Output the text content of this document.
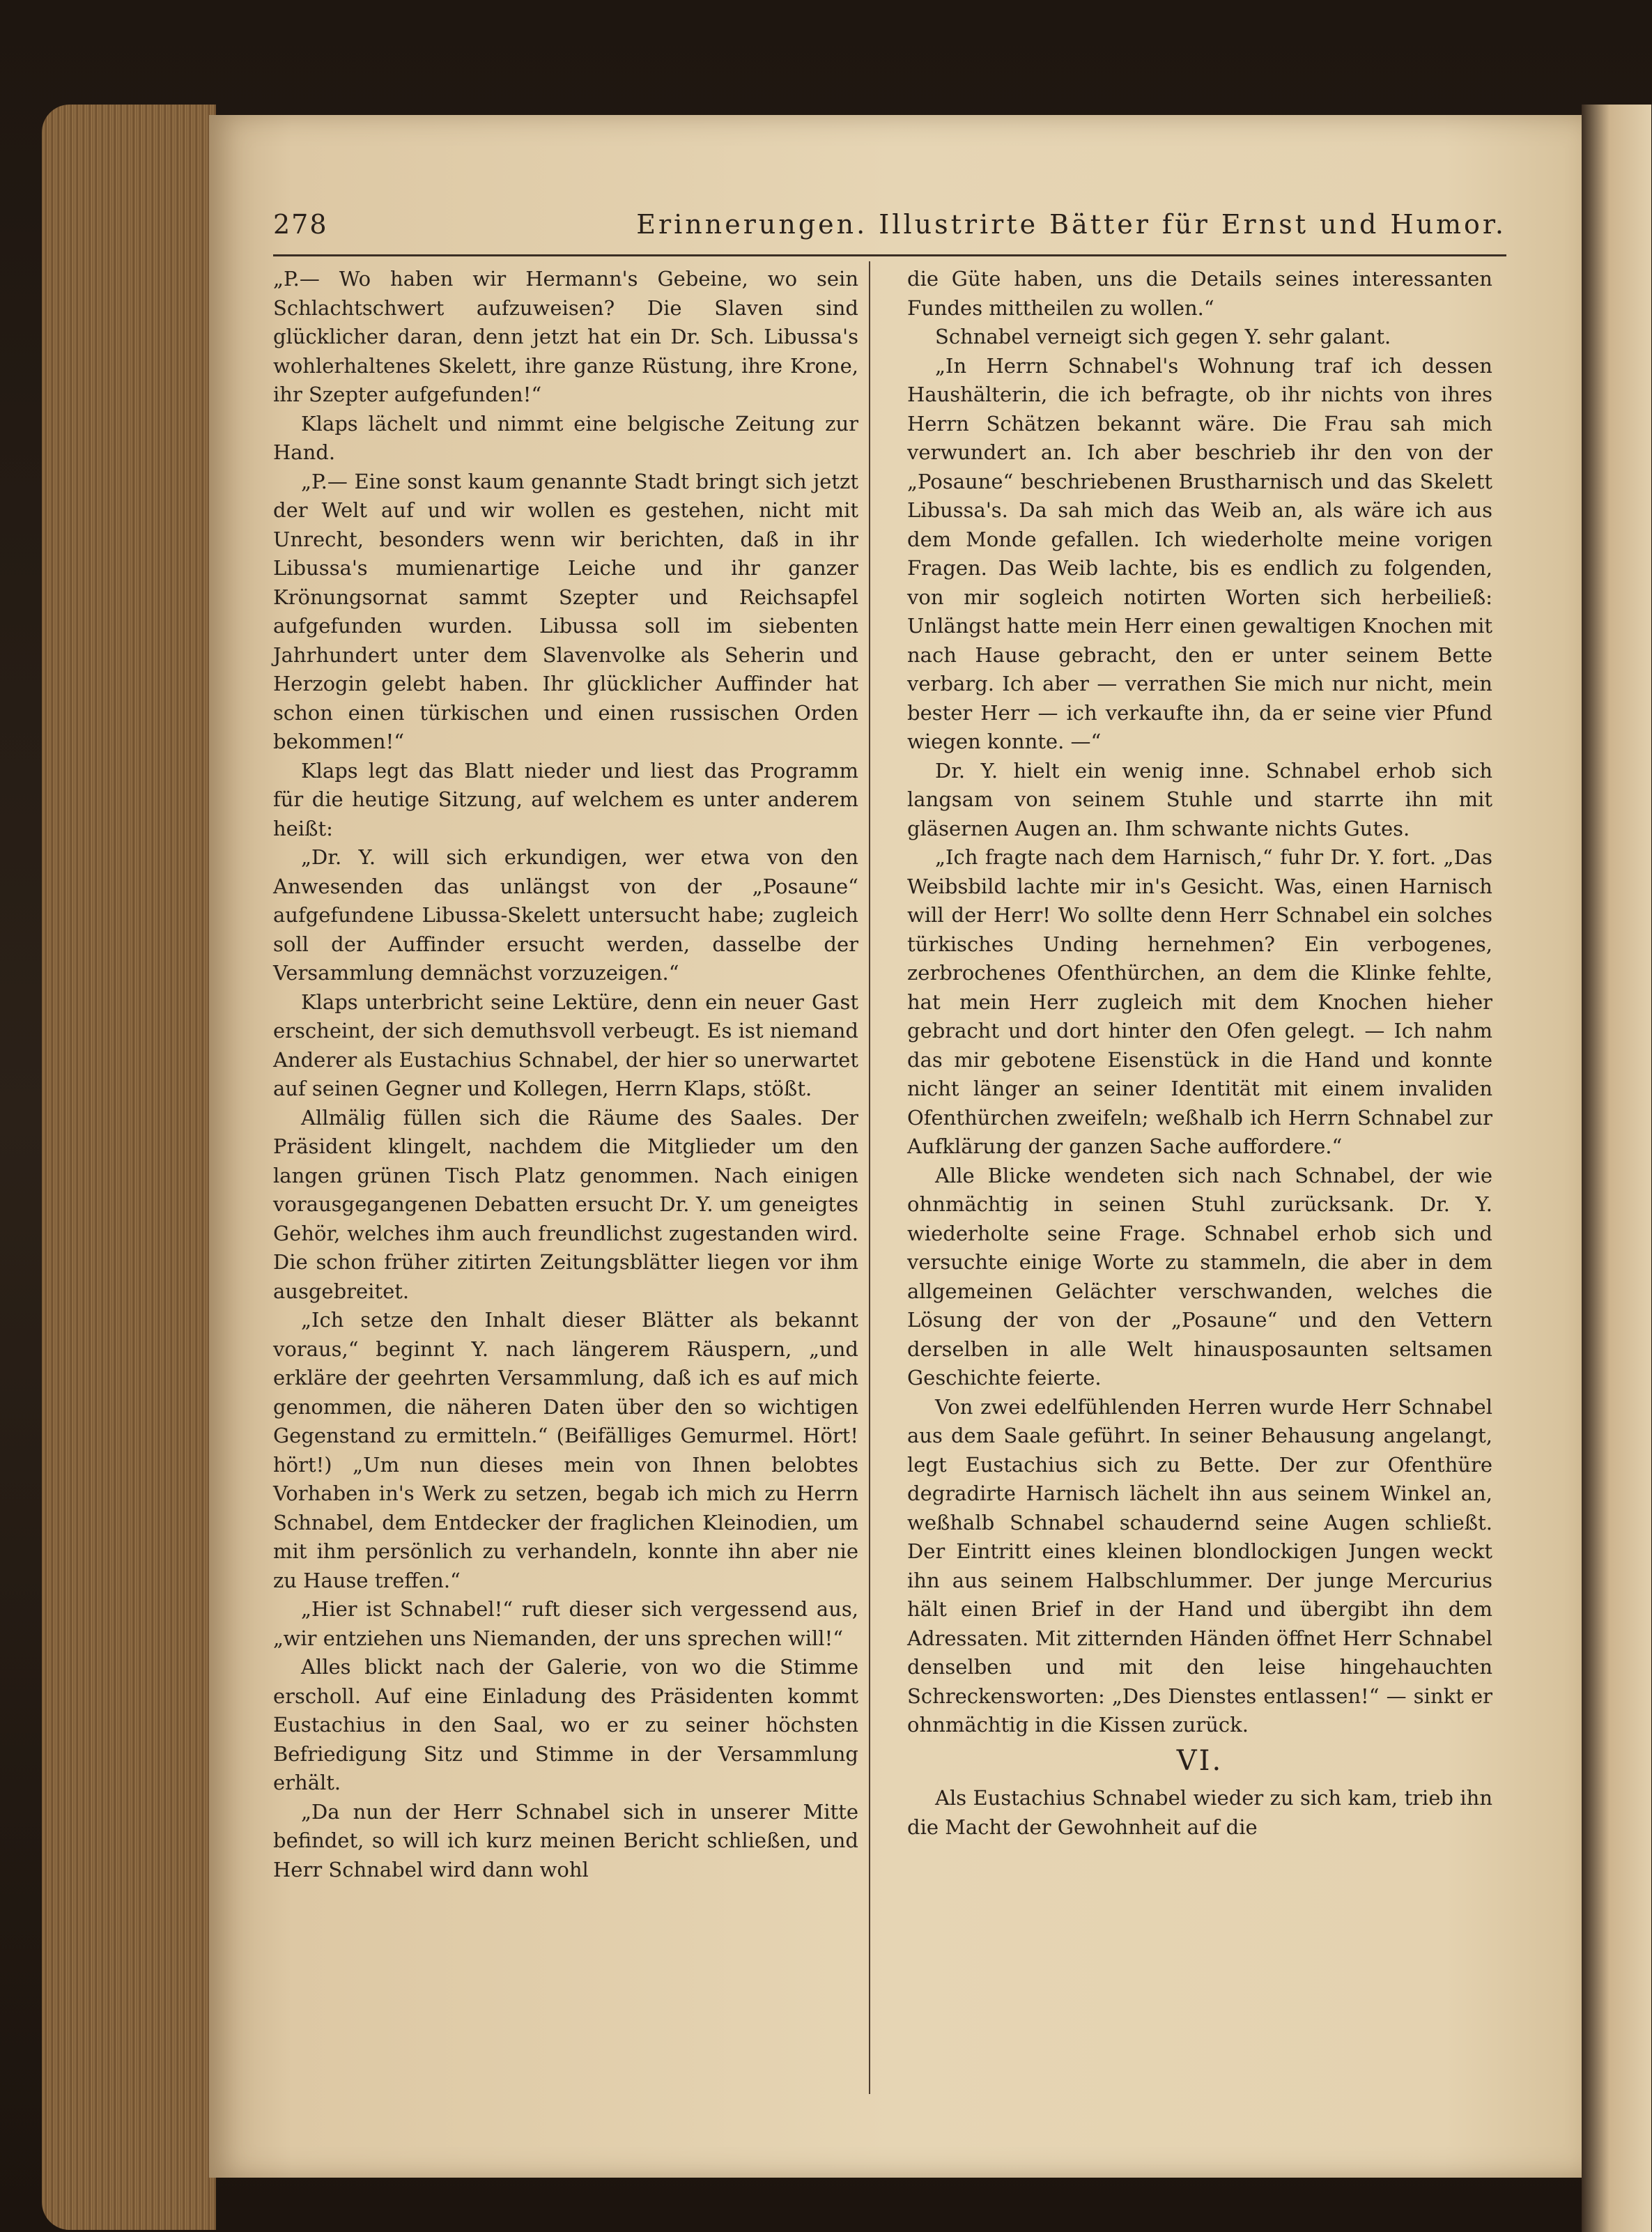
278	Erinnerungen. Illustrirte Bätter für Ernst und Humor.

„P.— Wo haben wir Hermann's Gebeine, wo sein Schlachtschwert aufzuweisen? Die Slaven sind glücklicher daran, denn jetzt hat ein Dr. Sch. Libussa's wohlerhaltenes Skelett, ihre ganze Rüstung, ihre Krone, ihr Szepter aufgefunden!“

Klaps lächelt und nimmt eine belgische Zeitung zur Hand.

„P.— Eine sonst kaum genannte Stadt bringt sich jetzt der Welt auf und wir wollen es gestehen, nicht mit Unrecht, besonders wenn wir berichten, daß in ihr Libussa's mumienartige Leiche und ihr ganzer Krönungsornat sammt Szepter und Reichsapfel aufgefunden wurden. Libussa soll im siebenten Jahrhundert unter dem Slavenvolke als Seherin und Herzogin gelebt haben. Ihr glücklicher Auffinder hat schon einen türkischen und einen russischen Orden bekommen!“

Klaps legt das Blatt nieder und liest das Programm für die heutige Sitzung, auf welchem es unter anderem heißt:

„Dr. Y. will sich erkundigen, wer etwa von den Anwesenden das unlängst von der „Posaune“ aufgefundene Libussa-Skelett untersucht habe; zugleich soll der Auffinder ersucht werden, dasselbe der Versammlung demnächst vorzuzeigen.“

Klaps unterbricht seine Lektüre, denn ein neuer Gast erscheint, der sich demuthsvoll verbeugt. Es ist niemand Anderer als Eustachius Schnabel, der hier so unerwartet auf seinen Gegner und Kollegen, Herrn Klaps, stößt.

Allmälig füllen sich die Räume des Saales. Der Präsident klingelt, nachdem die Mitglieder um den langen grünen Tisch Platz genommen. Nach einigen vorausgegangenen Debatten ersucht Dr. Y. um geneigtes Gehör, welches ihm auch freundlichst zugestanden wird. Die schon früher zitirten Zeitungsblätter liegen vor ihm ausgebreitet.

„Ich setze den Inhalt dieser Blätter als bekannt voraus,“ beginnt Y. nach längerem Räuspern, „und erkläre der geehrten Versammlung, daß ich es auf mich genommen, die näheren Daten über den so wichtigen Gegenstand zu ermitteln.“ (Beifälliges Gemurmel. Hört! hört!) „Um nun dieses mein von Ihnen belobtes Vorhaben in's Werk zu setzen, begab ich mich zu Herrn Schnabel, dem Entdecker der fraglichen Kleinodien, um mit ihm persönlich zu verhandeln, konnte ihn aber nie zu Hause treffen.“

„Hier ist Schnabel!“ ruft dieser sich vergessend aus, „wir entziehen uns Niemanden, der uns sprechen will!“

Alles blickt nach der Galerie, von wo die Stimme erscholl. Auf eine Einladung des Präsidenten kommt Eustachius in den Saal, wo er zu seiner höchsten Befriedigung Sitz und Stimme in der Versammlung erhält.

„Da nun der Herr Schnabel sich in unserer Mitte befindet, so will ich kurz meinen Bericht schließen, und Herr Schnabel wird dann wohl

die Güte haben, uns die Details seines interessanten Fundes mittheilen zu wollen.“

Schnabel verneigt sich gegen Y. sehr galant.

„In Herrn Schnabel's Wohnung traf ich dessen Haushälterin, die ich befragte, ob ihr nichts von ihres Herrn Schätzen bekannt wäre. Die Frau sah mich verwundert an. Ich aber beschrieb ihr den von der „Posaune“ beschriebenen Brustharnisch und das Skelett Libussa's. Da sah mich das Weib an, als wäre ich aus dem Monde gefallen. Ich wiederholte meine vorigen Fragen. Das Weib lachte, bis es endlich zu folgenden, von mir sogleich notirten Worten sich herbeiließ: Unlängst hatte mein Herr einen gewaltigen Knochen mit nach Hause gebracht, den er unter seinem Bette verbarg. Ich aber — verrathen Sie mich nur nicht, mein bester Herr — ich verkaufte ihn, da er seine vier Pfund wiegen konnte. —“

Dr. Y. hielt ein wenig inne. Schnabel erhob sich langsam von seinem Stuhle und starrte ihn mit gläsernen Augen an. Ihm schwante nichts Gutes.

„Ich fragte nach dem Harnisch,“ fuhr Dr. Y. fort. „Das Weibsbild lachte mir in's Gesicht. Was, einen Harnisch will der Herr! Wo sollte denn Herr Schnabel ein solches türkisches Unding hernehmen? Ein verbogenes, zerbrochenes Ofenthürchen, an dem die Klinke fehlte, hat mein Herr zugleich mit dem Knochen hieher gebracht und dort hinter den Ofen gelegt. — Ich nahm das mir gebotene Eisenstück in die Hand und konnte nicht länger an seiner Identität mit einem invaliden Ofenthürchen zweifeln; weßhalb ich Herrn Schnabel zur Aufklärung der ganzen Sache auffordere.“

Alle Blicke wendeten sich nach Schnabel, der wie ohnmächtig in seinen Stuhl zurücksank. Dr. Y. wiederholte seine Frage. Schnabel erhob sich und versuchte einige Worte zu stammeln, die aber in dem allgemeinen Gelächter verschwanden, welches die Lösung der von der „Posaune“ und den Vettern derselben in alle Welt hinausposaunten seltsamen Geschichte feierte.

Von zwei edelfühlenden Herren wurde Herr Schnabel aus dem Saale geführt. In seiner Behausung angelangt, legt Eustachius sich zu Bette. Der zur Ofenthüre degradirte Harnisch lächelt ihn aus seinem Winkel an, weßhalb Schnabel schaudernd seine Augen schließt. Der Eintritt eines kleinen blondlockigen Jungen weckt ihn aus seinem Halbschlummer. Der junge Mercurius hält einen Brief in der Hand und übergibt ihn dem Adressaten. Mit zitternden Händen öffnet Herr Schnabel denselben und mit den leise hingehauchten Schreckensworten: „Des Dienstes entlassen!“ — sinkt er ohnmächtig in die Kissen zurück.

VI.

Als Eustachius Schnabel wieder zu sich kam, trieb ihn die Macht der Gewohnheit auf die
